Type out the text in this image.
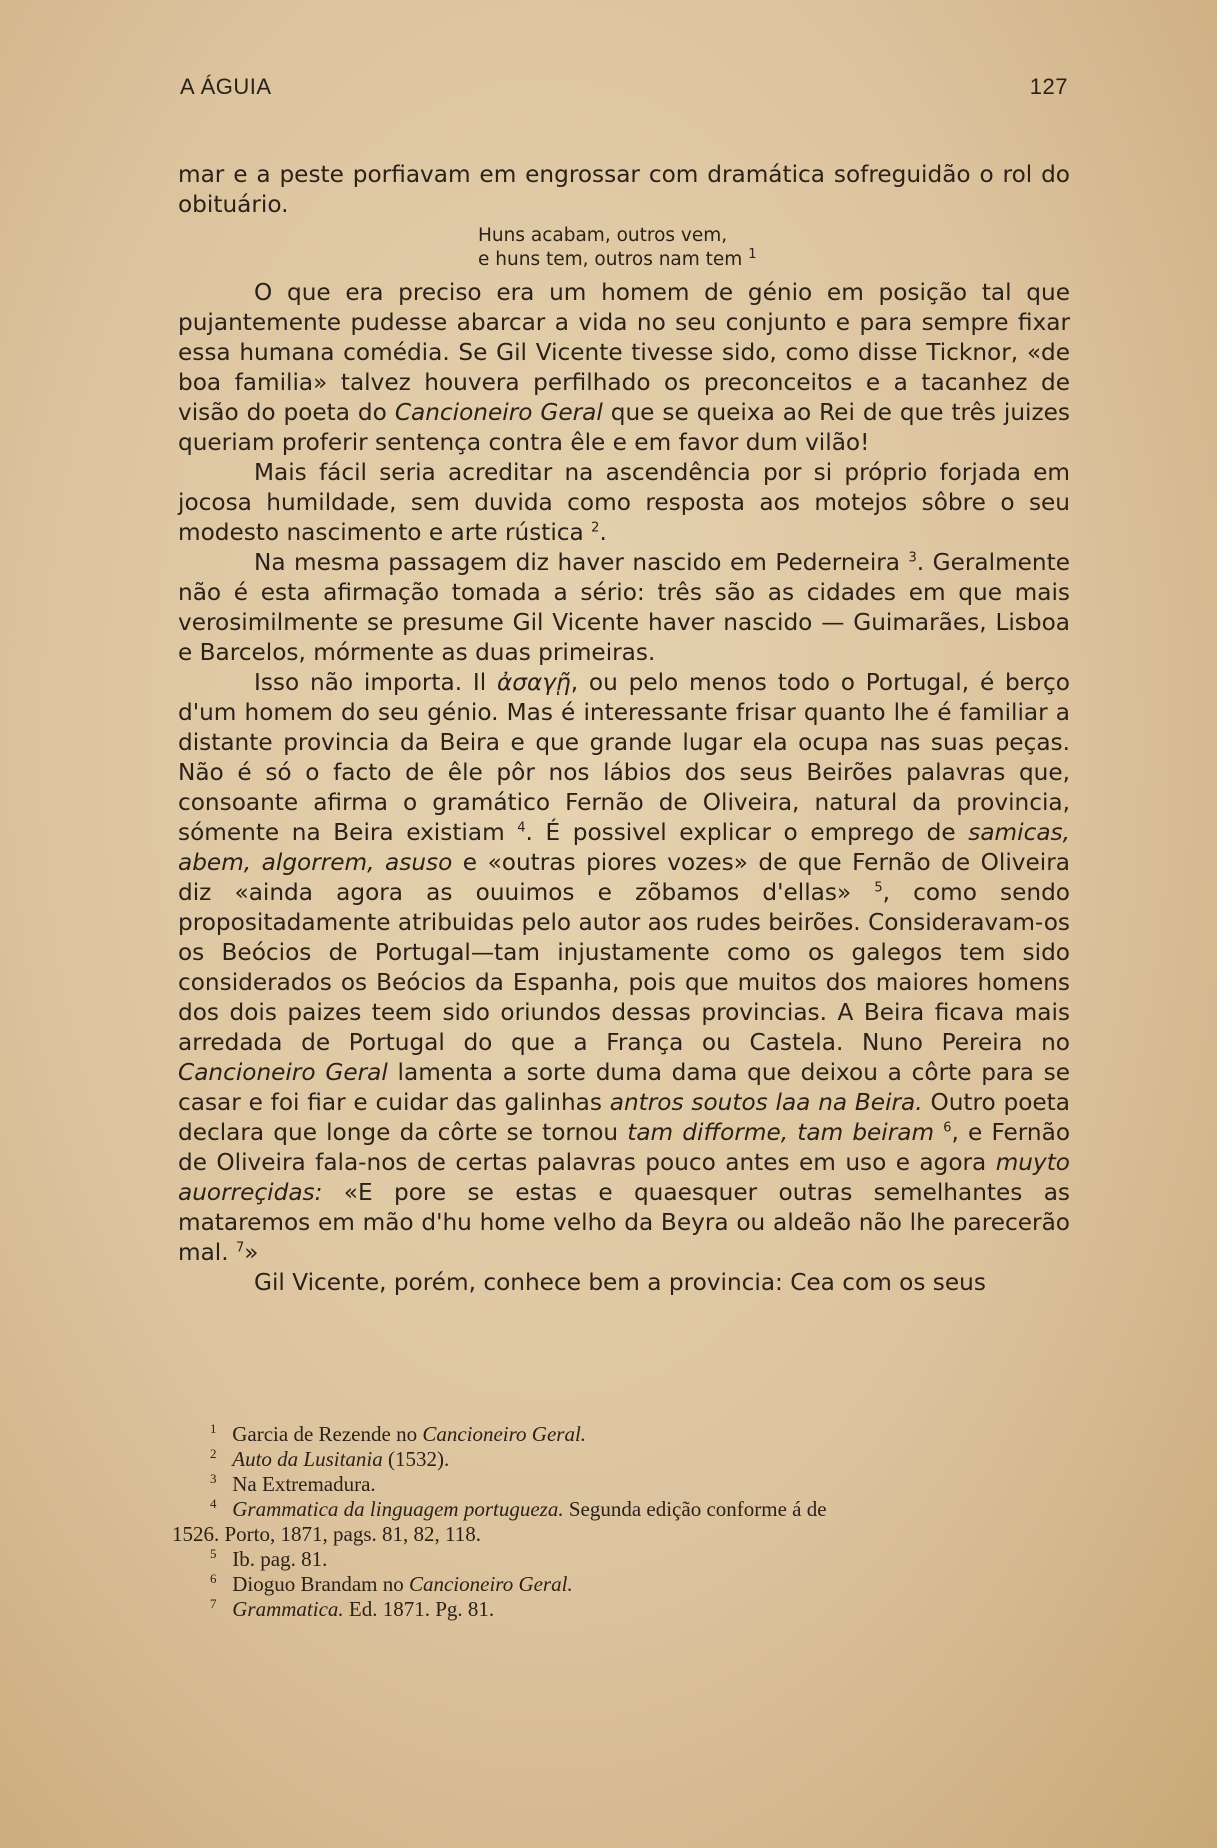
A ÁGUIA	127

mar e a peste porfiavam em engrossar com dramática sofreguidão o rol do obituário.

Huns acabam, outros vem,
e huns tem, outros nam tem $^1$

O que era preciso era um homem de génio em posição tal que pujantemente pudesse abarcar a vida no seu conjunto e para sempre fixar essa humana comédia. Se Gil Vicente tivesse sido, como disse Ticknor, «de boa familia» talvez houvera perfilhado os preconceitos e a tacanhez de visão do poeta do Cancioneiro Geral que se queixa ao Rei de que três juizes queriam proferir sentença contra êle e em favor dum vilão!

Mais fácil seria acreditar na ascendência por si próprio forjada em jocosa humildade, sem duvida como resposta aos motejos sôbre o seu modesto nascimento e arte rústica $^2$.

Na mesma passagem diz haver nascido em Pederneira $^3$. Geralmente não é esta afirmação tomada a sério: três são as cidades em que mais verosimilmente se presume Gil Vicente haver nascido — Guimarães, Lisboa e Barcelos, mórmente as duas primeiras.

Isso não importa. Il ἀσαγῇ, ou pelo menos todo o Portugal, é berço d'um homem do seu génio. Mas é interessante frisar quanto lhe é familiar a distante provincia da Beira e que grande lugar ela ocupa nas suas peças. Não é só o facto de êle pôr nos lábios dos seus Beirões palavras que, consoante afirma o gramático Fernão de Oliveira, natural da provincia, sómente na Beira existiam $^4$. É possivel explicar o emprego de samicas, abem, algorrem, asuso e «outras piores vozes» de que Fernão de Oliveira diz «ainda agora as ouuimos e zõbamos d'ellas» $^5$, como sendo propositadamente atribuidas pelo autor aos rudes beirões. Consideravam-os os Beócios de Portugal—tam injustamente como os galegos tem sido considerados os Beócios da Espanha, pois que muitos dos maiores homens dos dois paizes teem sido oriundos dessas provincias. A Beira ficava mais arredada de Portugal do que a França ou Castela. Nuno Pereira no Cancioneiro Geral lamenta a sorte duma dama que deixou a côrte para se casar e foi fiar e cuidar das galinhas antros soutos laa na Beira. Outro poeta declara que longe da côrte se tornou tam difforme, tam beiram $^6$, e Fernão de Oliveira fala-nos de certas palavras pouco antes em uso e agora muyto auorreçidas: «E pore se estas e quaesquer outras semelhantes as mataremos em mão d'hu home velho da Beyra ou aldeão não lhe parecerão mal. $^7$»

Gil Vicente, porém, conhece bem a provincia: Cea com os seus

$^1$ Garcia de Rezende no Cancioneiro Geral.

$^2$ Auto da Lusitania (1532).

$^3$ Na Extremadura.

$^4$ Grammatica da linguagem portugueza. Segunda edição conforme á de

1526. Porto, 1871, pags. 81, 82, 118.

$^5$ Ib. pag. 81.

$^6$ Dioguo Brandam no Cancioneiro Geral.

$^7$ Grammatica. Ed. 1871. Pg. 81.
